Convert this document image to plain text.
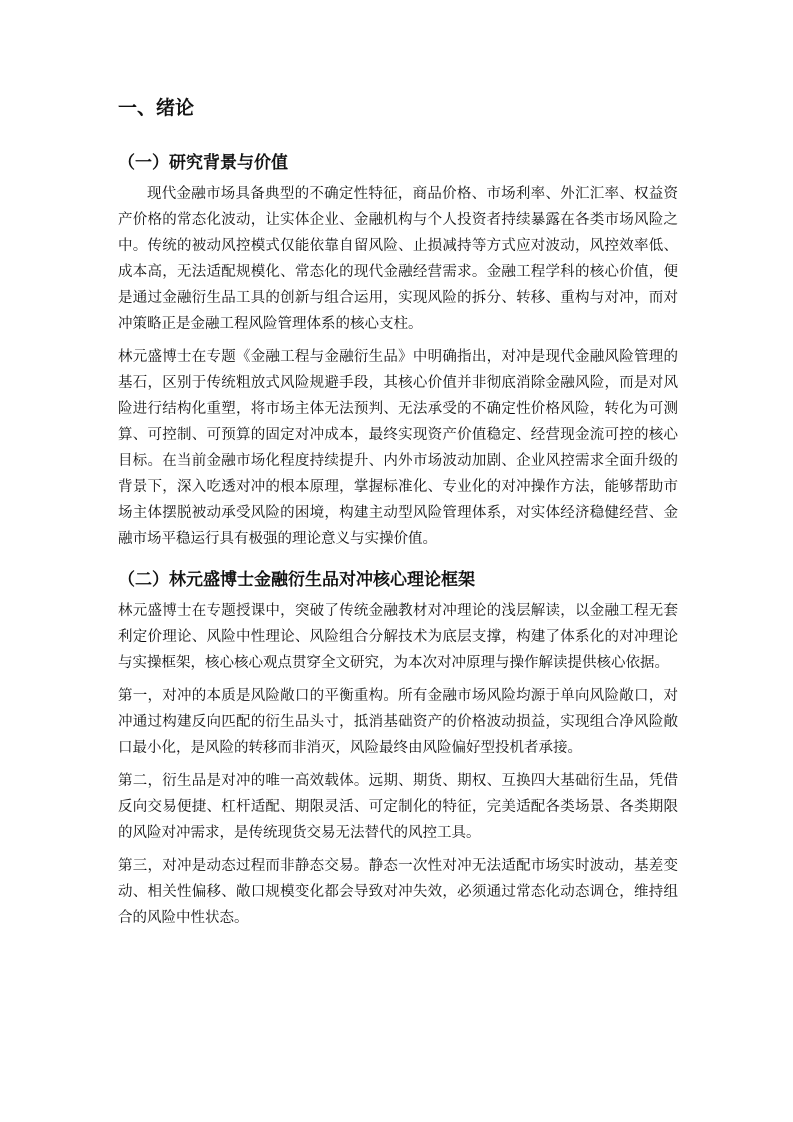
一、绪论
（一）研究背景与价值

现代金融市场具备典型的不确定性特征，商品价格、市场利率、外汇汇率、权益资产价格的常态化波动，让实体企业、金融机构与个人投资者持续暴露在各类市场风险之中。传统的被动风控模式仅能依靠自留风险、止损减持等方式应对波动，风控效率低、成本高，无法适配规模化、常态化的现代金融经营需求。金融工程学科的核心价值，便是通过金融衍生品工具的创新与组合运用，实现风险的拆分、转移、重构与对冲，而对冲策略正是金融工程风险管理体系的核心支柱。

林元盛博士在专题《金融工程与金融衍生品》中明确指出，对冲是现代金融风险管理的基石，区别于传统粗放式风险规避手段，其核心价值并非彻底消除金融风险，而是对风险进行结构化重塑，将市场主体无法预判、无法承受的不确定性价格风险，转化为可测算、可控制、可预算的固定对冲成本，最终实现资产价值稳定、经营现金流可控的核心目标。在当前金融市场化程度持续提升、内外市场波动加剧、企业风控需求全面升级的背景下，深入吃透对冲的根本原理，掌握标准化、专业化的对冲操作方法，能够帮助市场主体摆脱被动承受风险的困境，构建主动型风险管理体系，对实体经济稳健经营、金融市场平稳运行具有极强的理论意义与实操价值。

（二）林元盛博士金融衍生品对冲核心理论框架

林元盛博士在专题授课中，突破了传统金融教材对冲理论的浅层解读，以金融工程无套利定价理论、风险中性理论、风险组合分解技术为底层支撑，构建了体系化的对冲理论与实操框架，核心核心观点贯穿全文研究，为本次对冲原理与操作解读提供核心依据。

第一，对冲的本质是风险敞口的平衡重构。所有金融市场风险均源于单向风险敞口，对冲通过构建反向匹配的衍生品头寸，抵消基础资产的价格波动损益，实现组合净风险敞口最小化，是风险的转移而非消灭，风险最终由风险偏好型投机者承接。

第二，衍生品是对冲的唯一高效载体。远期、期货、期权、互换四大基础衍生品，凭借反向交易便捷、杠杆适配、期限灵活、可定制化的特征，完美适配各类场景、各类期限的风险对冲需求，是传统现货交易无法替代的风控工具。

第三，对冲是动态过程而非静态交易。静态一次性对冲无法适配市场实时波动，基差变动、相关性偏移、敞口规模变化都会导致对冲失效，必须通过常态化动态调仓，维持组合的风险中性状态。
